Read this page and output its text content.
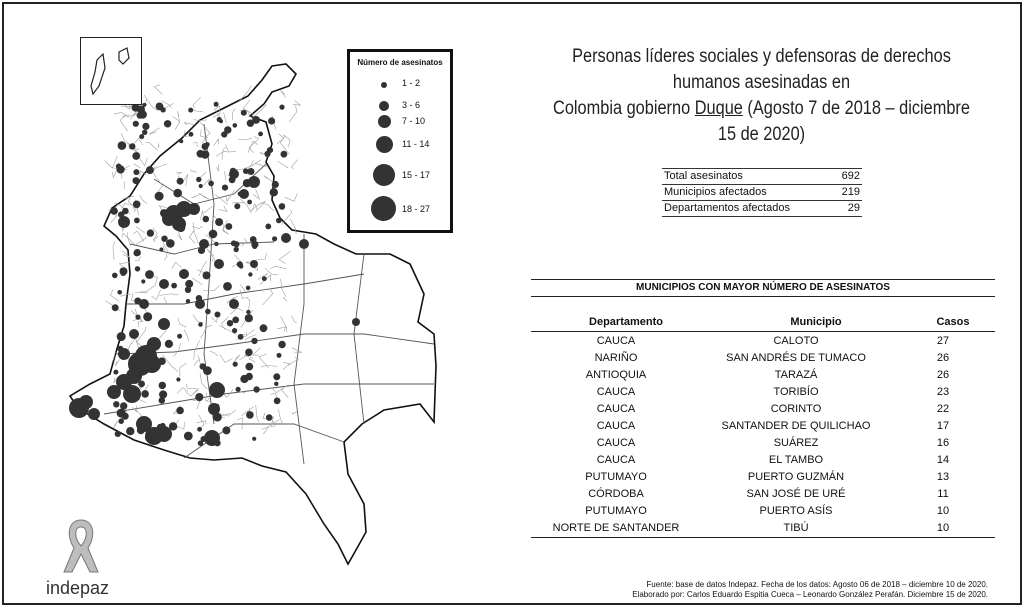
Número de asesinatos
1 - 2
3 - 6
7 - 10
11 - 14
15 - 17
18 - 27
Personas líderes sociales y defensoras de derechos humanos asesinadas en
Colombia gobierno Duque (Agosto 7 de 2018 – diciembre 15 de 2020)
Total asesinatos	692
Municipios afectados	219
Departamentos afectados	29
MUNICIPIOS CON MAYOR NÚMERO DE ASESINATOS
Departamento	Municipio	Casos
CAUCA	CALOTO	27
NARIÑO	SAN ANDRÉS DE TUMACO	26
ANTIOQUIA	TARAZÁ	26
CAUCA	TORIBÍO	23
CAUCA	CORINTO	22
CAUCA	SANTANDER DE QUILICHAO	17
CAUCA	SUÁREZ	16
CAUCA	EL TAMBO	14
PUTUMAYO	PUERTO GUZMÁN	13
CÓRDOBA	SAN JOSÉ DE URÉ	11
PUTUMAYO	PUERTO ASÍS	10
NORTE DE SANTANDER	TIBÚ	10
indepaz	Fuente: base de datos Indepaz. Fecha de los datos: Agosto 06 de 2018 – diciembre 10 de 2020.
Elaborado por: Carlos Eduardo Espitia Cueca – Leonardo González Perafán. Diciembre 15 de 2020.
